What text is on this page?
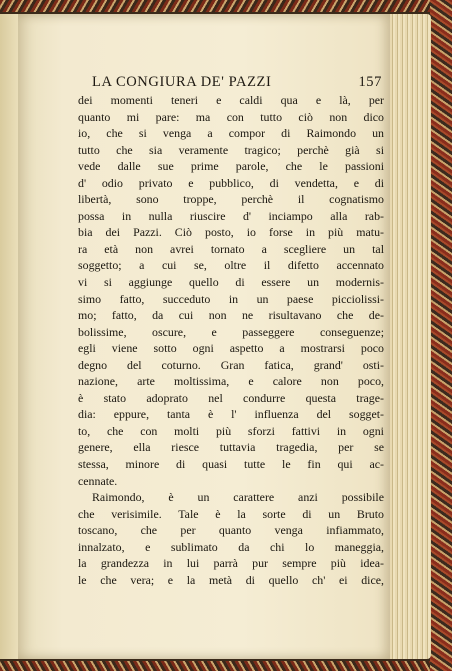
LA CONGIURA DE' PAZZI	157
dei momenti teneri e caldi qua e là, per
quanto mi pare: ma con tutto ciò non dico
io, che si venga a compor di Raimondo un
tutto che sia veramente tragico; perchè già si
vede dalle sue prime parole, che le passioni
d' odio privato e pubblico, di vendetta, e di
libertà, sono troppe, perchè il cognatismo
possa in nulla riuscire d' inciampo alla rab-
bia dei Pazzi. Ciò posto, io forse in più matu-
ra età non avrei tornato a scegliere un tal
soggetto; a cui se, oltre il difetto accennato
vi si aggiunge quello di essere un modernis-
simo fatto, succeduto in un paese picciolissi-
mo; fatto, da cui non ne risultavano che de-
bolissime, oscure, e passeggere conseguenze;
egli viene sotto ogni aspetto a mostrarsi poco
degno del coturno. Gran fatica, grand' osti-
nazione, arte moltissima, e calore non poco,
è stato adoprato nel condurre questa trage-
dia: eppure, tanta è l' influenza del sogget-
to, che con molti più sforzi fattivi in ogni
genere, ella riesce tuttavia tragedia, per se
stessa, minore di quasi tutte le fin qui ac-
cennate.
Raimondo, è un carattere anzi possibile
che verisimile. Tale è la sorte di un Bruto
toscano, che per quanto venga infiammato,
innalzato, e sublimato da chi lo maneggia,
la grandezza in lui parrà pur sempre più idea-
le che vera; e la metà di quello ch' ei dice,
